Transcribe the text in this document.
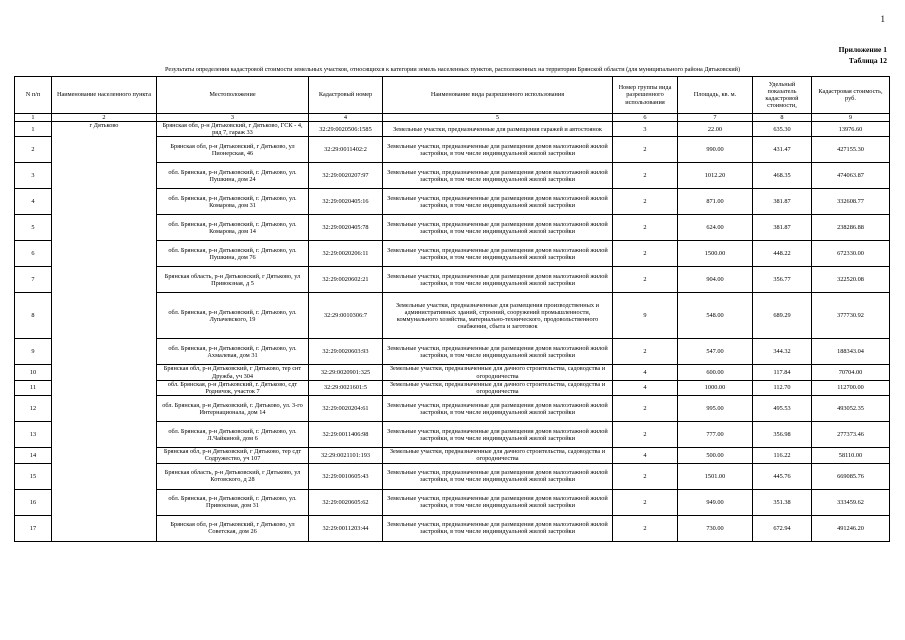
1
Приложение 1
Таблица 12
Результаты определения кадастровой стоимости земельных участков, относящихся к категории земель населенных пунктов, расположенных на территории Брянской области (для муниципального района Дятьковский)
N п/п	Наименование населенного пункта	Местоположение	Кадастровый номер	Наименование вида разрешенного использования	Номер группы вида разрешенного использования	Площадь, кв. м.	Удельный показатель кадастровой стоимости,	Кадастровая стоимость, руб.
1	2	3	4	5	6	7	8	9
1	г Дятьково	Брянская обл, р-н Дятьковский, г Дятьково, ГСК - 4, ряд 7, гараж 33	32:29:0020506:1585	Земельные участки, предназначенные для размещения гаражей и автостоянок	3	22.00	635.30	13976.60
2		Брянская обл, р-н Дятьковский, г Дятьково, ул Пионерская, 46	32:29:0011402:2	Земельные участки, предназначенные для размещения домов малоэтажной жилой застройки, в том числе индивидуальной жилой застройки	2	990.00	431.47	427155.30
3		обл. Брянская, р-н Дятьковский, г. Дятьково, ул. Пушкина, дом 24	32:29:0020207:97	Земельные участки, предназначенные для размещения домов малоэтажной жилой застройки, в том числе индивидуальной жилой застройки	2	1012.20	468.35	474063.87
4		обл. Брянская, р-н Дятьковский, г. Дятьково, ул. Комарова, дом 31	32:29:0020405:16	Земельные участки, предназначенные для размещения домов малоэтажной жилой застройки, в том числе индивидуальной жилой застройки	2	871.00	381.87	332608.77
5		обл. Брянская, р-н Дятьковский, г. Дятьково, ул. Комарова, дом 14	32:29:0020405:78	Земельные участки, предназначенные для размещения домов малоэтажной жилой застройки, в том числе индивидуальной жилой застройки	2	624.00	381.87	238286.88
6		обл. Брянская, р-н Дятьковский, г. Дятьково, ул. Пушкина, дом 76	32:29:0020206:11	Земельные участки, предназначенные для размещения домов малоэтажной жилой застройки, в том числе индивидуальной жилой застройки	2	1500.00	448.22	672330.00
7		Брянская область, р-н Дятьковский, г Дятьково, ул Привокзная, д 5	32:29:0020602:21	Земельные участки, предназначенные для размещения домов малоэтажной жилой застройки, в том числе индивидуальной жилой застройки	2	904.00	356.77	322520.08
8		обл. Брянская, р-н Дятьковский, г. Дятьково, ул. Лупачевского, 19	32:29:0010306:7	Земельные участки, предназначенные для размещения производственных и административных зданий, строений, сооружений промышленности, коммунального хозяйства, материально-технического, продовольственного снабжения, сбыта и заготовок	9	548.00	689.29	377730.92
9		обл. Брянская, р-н Дятьковский, г. Дятьково, ул. Ахмалевая, дом 31	32:29:0020603:93	Земельные участки, предназначенные для размещения домов малоэтажной жилой застройки, в том числе индивидуальной жилой застройки	2	547.00	344.32	188343.04
10		Брянская обл, р-н Дятьковский, г Дятьково, тер снт Дружба, уч 304	32:29:0020901:325	Земельные участки, предназначенные для дачного строительства, садоводства и огородничества	4	600.00	117.84	70704.00
11		обл. Брянская, р-н Дятьковский, г. Дятьково, сдт Родничок, участок 7	32:29:0021601:5	Земельные участки, предназначенные для дачного строительства, садоводства и огородничества	4	1000.00	112.70	112700.00
12		обл. Брянская, р-н Дятьковский, г. Дятьково, ул. 3-го Интернационала, дом 14	32:29:0020204:61	Земельные участки, предназначенные для размещения домов малоэтажной жилой застройки, в том числе индивидуальной жилой застройки	2	995.00	495.53	493052.35
13		обл. Брянская, р-н Дятьковский, г. Дятьково, ул. Л.Чайкиной, дом 6	32:29:0011406:98	Земельные участки, предназначенные для размещения домов малоэтажной жилой застройки, в том числе индивидуальной жилой застройки	2	777.00	356.98	277373.46
14		Брянская обл, р-н Дятьковский, г Дятьково, тер сдт Содружество, уч 107	32:29:0021101:193	Земельные участки, предназначенные для дачного строительства, садоводства и огородничества	4	500.00	116.22	58110.00
15		Брянская область, р-н Дятьковский, г Дятьково, ул Котовского, д 28	32:29:0010605:43	Земельные участки, предназначенные для размещения домов малоэтажной жилой застройки, в том числе индивидуальной жилой застройки	2	1501.00	445.76	669085.76
16		обл. Брянская, р-н Дятьковский, г. Дятьково, ул. Привокзная, дом 31	32:29:0020605:62	Земельные участки, предназначенные для размещения домов малоэтажной жилой застройки, в том числе индивидуальной жилой застройки	2	949.00	351.38	333459.62
17		Брянская обл, р-н Дятьковский, г Дятьково, ул Советская, дом 26	32:29:0011203:44	Земельные участки, предназначенные для размещения домов малоэтажной жилой застройки, в том числе индивидуальной жилой застройки	2	730.00	672.94	491246.20
